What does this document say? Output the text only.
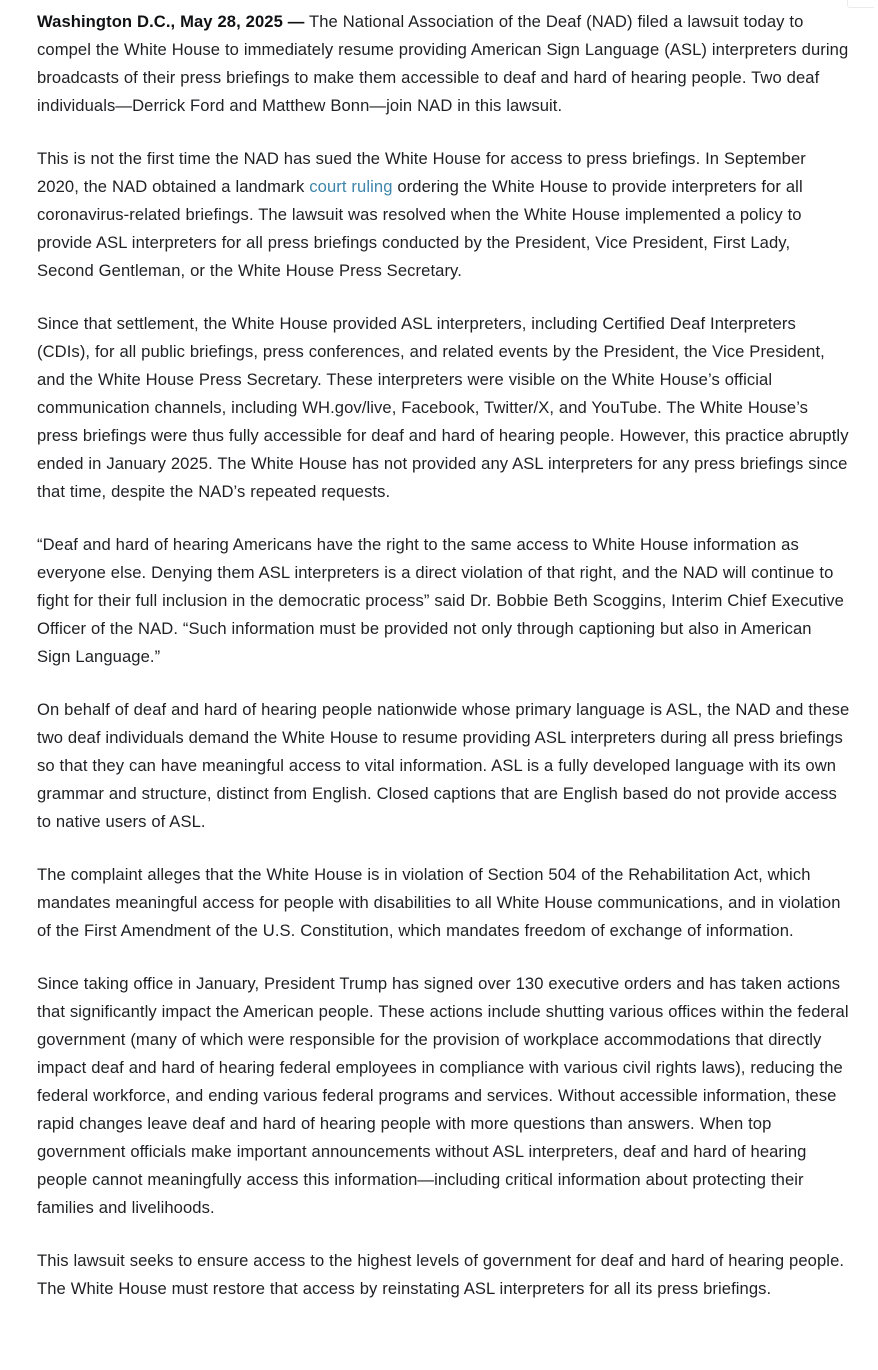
Washington D.C., May 28, 2025 — The National Association of the Deaf (NAD) filed a lawsuit today to compel the White House to immediately resume providing American Sign Language (ASL) interpreters during broadcasts of their press briefings to make them accessible to deaf and hard of hearing people. Two deaf individuals—Derrick Ford and Matthew Bonn—join NAD in this lawsuit.

This is not the first time the NAD has sued the White House for access to press briefings. In September 2020, the NAD obtained a landmark court ruling ordering the White House to provide interpreters for all coronavirus-related briefings. The lawsuit was resolved when the White House implemented a policy to provide ASL interpreters for all press briefings conducted by the President, Vice President, First Lady, Second Gentleman, or the White House Press Secretary.

Since that settlement, the White House provided ASL interpreters, including Certified Deaf Interpreters (CDIs), for all public briefings, press conferences, and related events by the President, the Vice President, and the White House Press Secretary. These interpreters were visible on the White House’s official communication channels, including WH.gov/live, Facebook, Twitter/X, and YouTube. The White House’s press briefings were thus fully accessible for deaf and hard of hearing people. However, this practice abruptly ended in January 2025. The White House has not provided any ASL interpreters for any press briefings since that time, despite the NAD’s repeated requests.

“Deaf and hard of hearing Americans have the right to the same access to White House information as everyone else. Denying them ASL interpreters is a direct violation of that right, and the NAD will continue to fight for their full inclusion in the democratic process” said Dr. Bobbie Beth Scoggins, Interim Chief Executive Officer of the NAD. “Such information must be provided not only through captioning but also in American Sign Language.”

On behalf of deaf and hard of hearing people nationwide whose primary language is ASL, the NAD and these two deaf individuals demand the White House to resume providing ASL interpreters during all press briefings so that they can have meaningful access to vital information. ASL is a fully developed language with its own grammar and structure, distinct from English. Closed captions that are English based do not provide access to native users of ASL.

The complaint alleges that the White House is in violation of Section 504 of the Rehabilitation Act, which mandates meaningful access for people with disabilities to all White House communications, and in violation of the First Amendment of the U.S. Constitution, which mandates freedom of exchange of information.

Since taking office in January, President Trump has signed over 130 executive orders and has taken actions that significantly impact the American people. These actions include shutting various offices within the federal government (many of which were responsible for the provision of workplace accommodations that directly impact deaf and hard of hearing federal employees in compliance with various civil rights laws), reducing the federal workforce, and ending various federal programs and services. Without accessible information, these rapid changes leave deaf and hard of hearing people with more questions than answers. When top government officials make important announcements without ASL interpreters, deaf and hard of hearing people cannot meaningfully access this information—including critical information about protecting their families and livelihoods.

This lawsuit seeks to ensure access to the highest levels of government for deaf and hard of hearing people. The White House must restore that access by reinstating ASL interpreters for all its press briefings.
